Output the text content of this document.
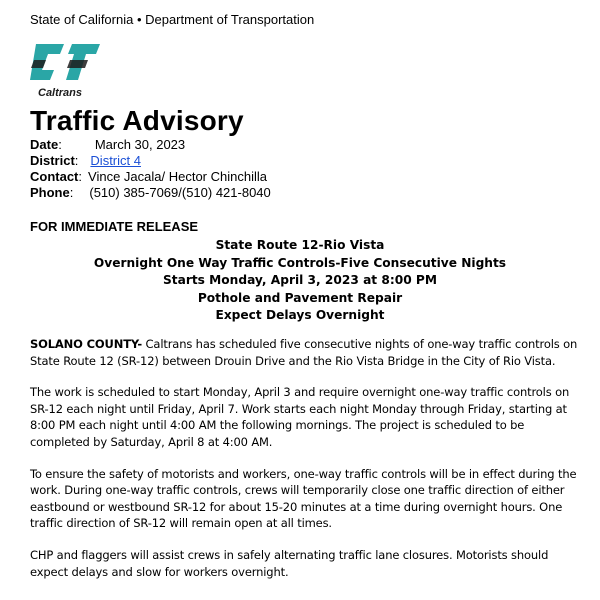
State of California • Department of Transportation
Caltrans
Traffic Advisory
Date:	March 30, 2023
District: District 4
Contact: Vince Jacala/ Hector Chinchilla
Phone: (510) 385-7069/(510) 421-8040
FOR IMMEDIATE RELEASE
State Route 12-Rio Vista
Overnight One Way Traffic Controls-Five Consecutive Nights
Starts Monday, April 3, 2023 at 8:00 PM
Pothole and Pavement Repair
Expect Delays Overnight

SOLANO COUNTY- Caltrans has scheduled five consecutive nights of one-way traffic controls on State Route 12 (SR-12) between Drouin Drive and the Rio Vista Bridge in the City of Rio Vista.

The work is scheduled to start Monday, April 3 and require overnight one-way traffic controls on SR-12 each night until Friday, April 7. Work starts each night Monday through Friday, starting at 8:00 PM each night until 4:00 AM the following mornings. The project is scheduled to be completed by Saturday, April 8 at 4:00 AM.

To ensure the safety of motorists and workers, one-way traffic controls will be in effect during the work. During one-way traffic controls, crews will temporarily close one traffic direction of either eastbound or westbound SR-12 for about 15-20 minutes at a time during overnight hours. One traffic direction of SR-12 will remain open at all times.

CHP and flaggers will assist crews in safely alternating traffic lane closures. Motorists should expect delays and slow for workers overnight.
